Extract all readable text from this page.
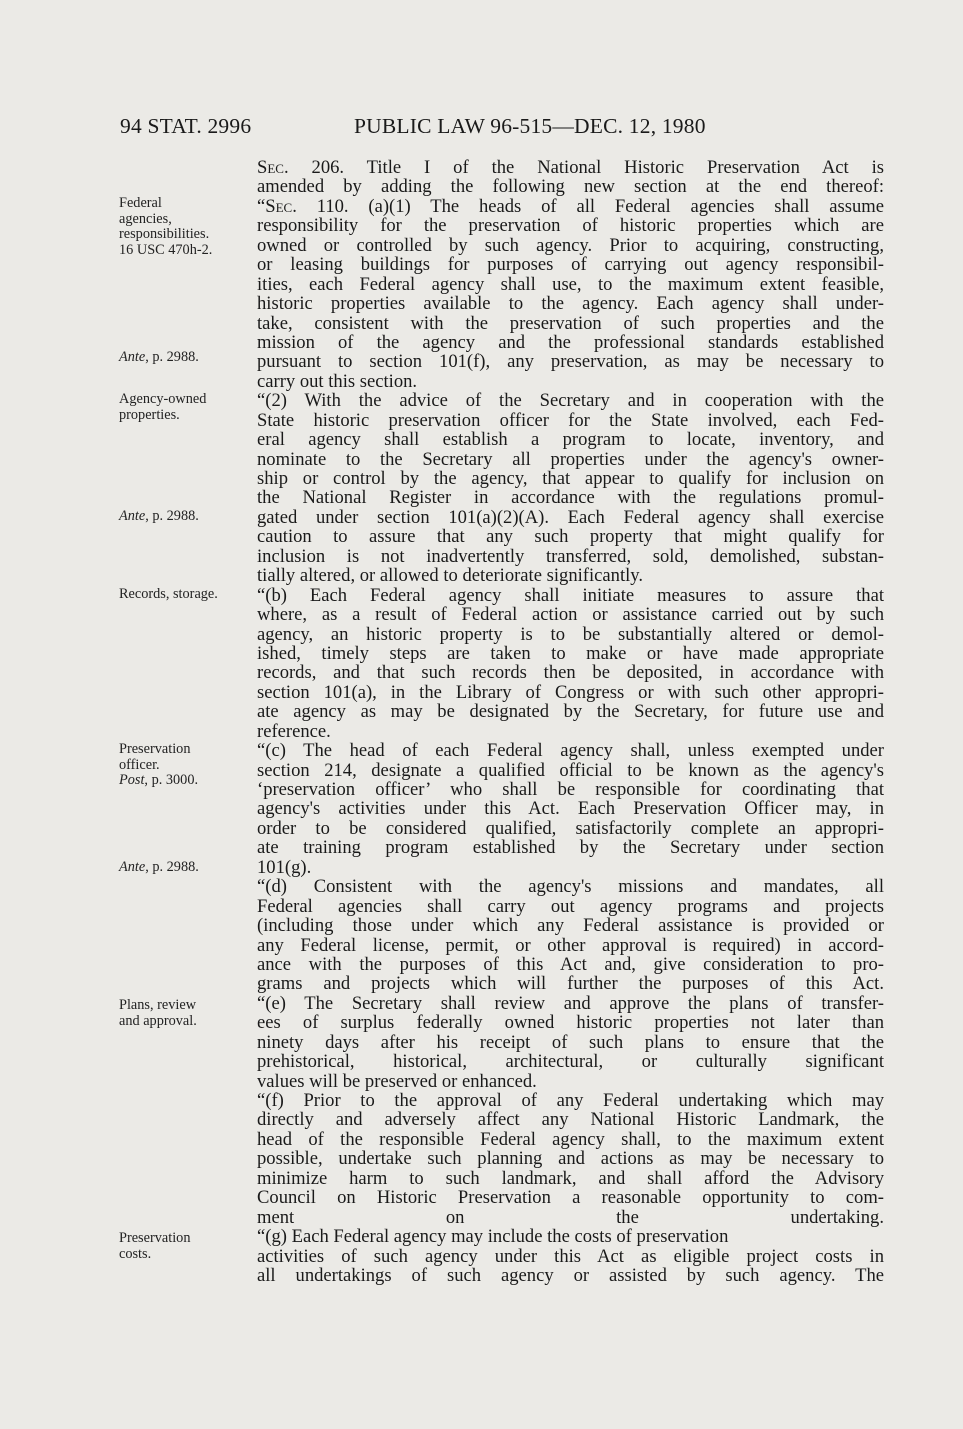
94 STAT. 2996	PUBLIC LAW 96-515—DEC. 12, 1980
Federal
agencies,
responsibilities.
16 USC 470h-2.
Ante, p. 2988.
Agency-owned
properties.
Ante, p. 2988.
Records, storage.
Preservation
officer.
Post, p. 3000.
Ante, p. 2988.
Plans, review
and approval.
Preservation
costs.
Sec. 206. Title I of the National Historic Preservation Act is
amended by adding the following new section at the end thereof:
“Sec. 110. (a)(1) The heads of all Federal agencies shall assume
responsibility for the preservation of historic properties which are
owned or controlled by such agency. Prior to acquiring, constructing,
or leasing buildings for purposes of carrying out agency responsibil-
ities, each Federal agency shall use, to the maximum extent feasible,
historic properties available to the agency. Each agency shall under-
take, consistent with the preservation of such properties and the
mission of the agency and the professional standards established
pursuant to section 101(f), any preservation, as may be necessary to
carry out this section.
“(2) With the advice of the Secretary and in cooperation with the
State historic preservation officer for the State involved, each Fed-
eral agency shall establish a program to locate, inventory, and
nominate to the Secretary all properties under the agency's owner-
ship or control by the agency, that appear to qualify for inclusion on
the National Register in accordance with the regulations promul-
gated under section 101(a)(2)(A). Each Federal agency shall exercise
caution to assure that any such property that might qualify for
inclusion is not inadvertently transferred, sold, demolished, substan-
tially altered, or allowed to deteriorate significantly.
“(b) Each Federal agency shall initiate measures to assure that
where, as a result of Federal action or assistance carried out by such
agency, an historic property is to be substantially altered or demol-
ished, timely steps are taken to make or have made appropriate
records, and that such records then be deposited, in accordance with
section 101(a), in the Library of Congress or with such other appropri-
ate agency as may be designated by the Secretary, for future use and
reference.
“(c) The head of each Federal agency shall, unless exempted under
section 214, designate a qualified official to be known as the agency's
‘preservation officer’ who shall be responsible for coordinating that
agency's activities under this Act. Each Preservation Officer may, in
order to be considered qualified, satisfactorily complete an appropri-
ate training program established by the Secretary under section
101(g).
“(d) Consistent with the agency's missions and mandates, all
Federal agencies shall carry out agency programs and projects
(including those under which any Federal assistance is provided or
any Federal license, permit, or other approval is required) in accord-
ance with the purposes of this Act and, give consideration to pro-
grams and projects which will further the purposes of this Act.
“(e) The Secretary shall review and approve the plans of transfer-
ees of surplus federally owned historic properties not later than
ninety days after his receipt of such plans to ensure that the
prehistorical, historical, architectural, or culturally significant
values will be preserved or enhanced.
“(f) Prior to the approval of any Federal undertaking which may
directly and adversely affect any National Historic Landmark, the
head of the responsible Federal agency shall, to the maximum extent
possible, undertake such planning and actions as may be necessary to
minimize harm to such landmark, and shall afford the Advisory
Council on Historic Preservation a reasonable opportunity to com-
ment on the undertaking.
“(g) Each Federal agency may include the costs of preservation
activities of such agency under this Act as eligible project costs in
all undertakings of such agency or assisted by such agency. The
